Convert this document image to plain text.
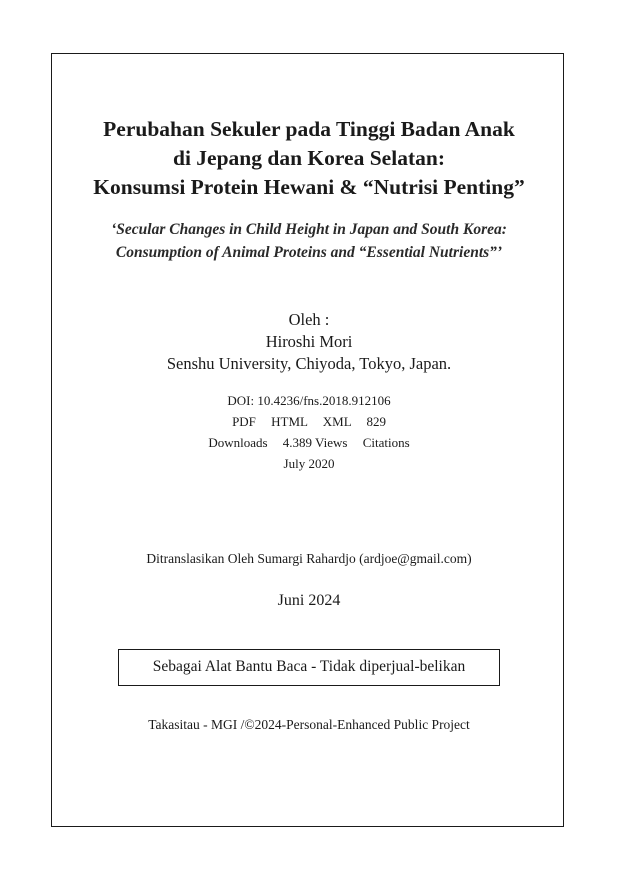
Perubahan Sekuler pada Tinggi Badan Anak
di Jepang dan Korea Selatan:
Konsumsi Protein Hewani & “Nutrisi Penting”
‘Secular Changes in Child Height in Japan and South Korea:
Consumption of Animal Proteins and “Essential Nutrients”’
Oleh :
Hiroshi Mori
Senshu University, Chiyoda, Tokyo, Japan.
DOI: 10.4236/fns.2018.912106
PDF HTML XML 829
Downloads 4.389 Views Citations
July 2020
Ditranslasikan Oleh Sumargi Rahardjo (ardjoe@gmail.com)
Juni 2024
Sebagai Alat Bantu Baca - Tidak diperjual-belikan
Takasitau - MGI /©2024-Personal-Enhanced Public Project
